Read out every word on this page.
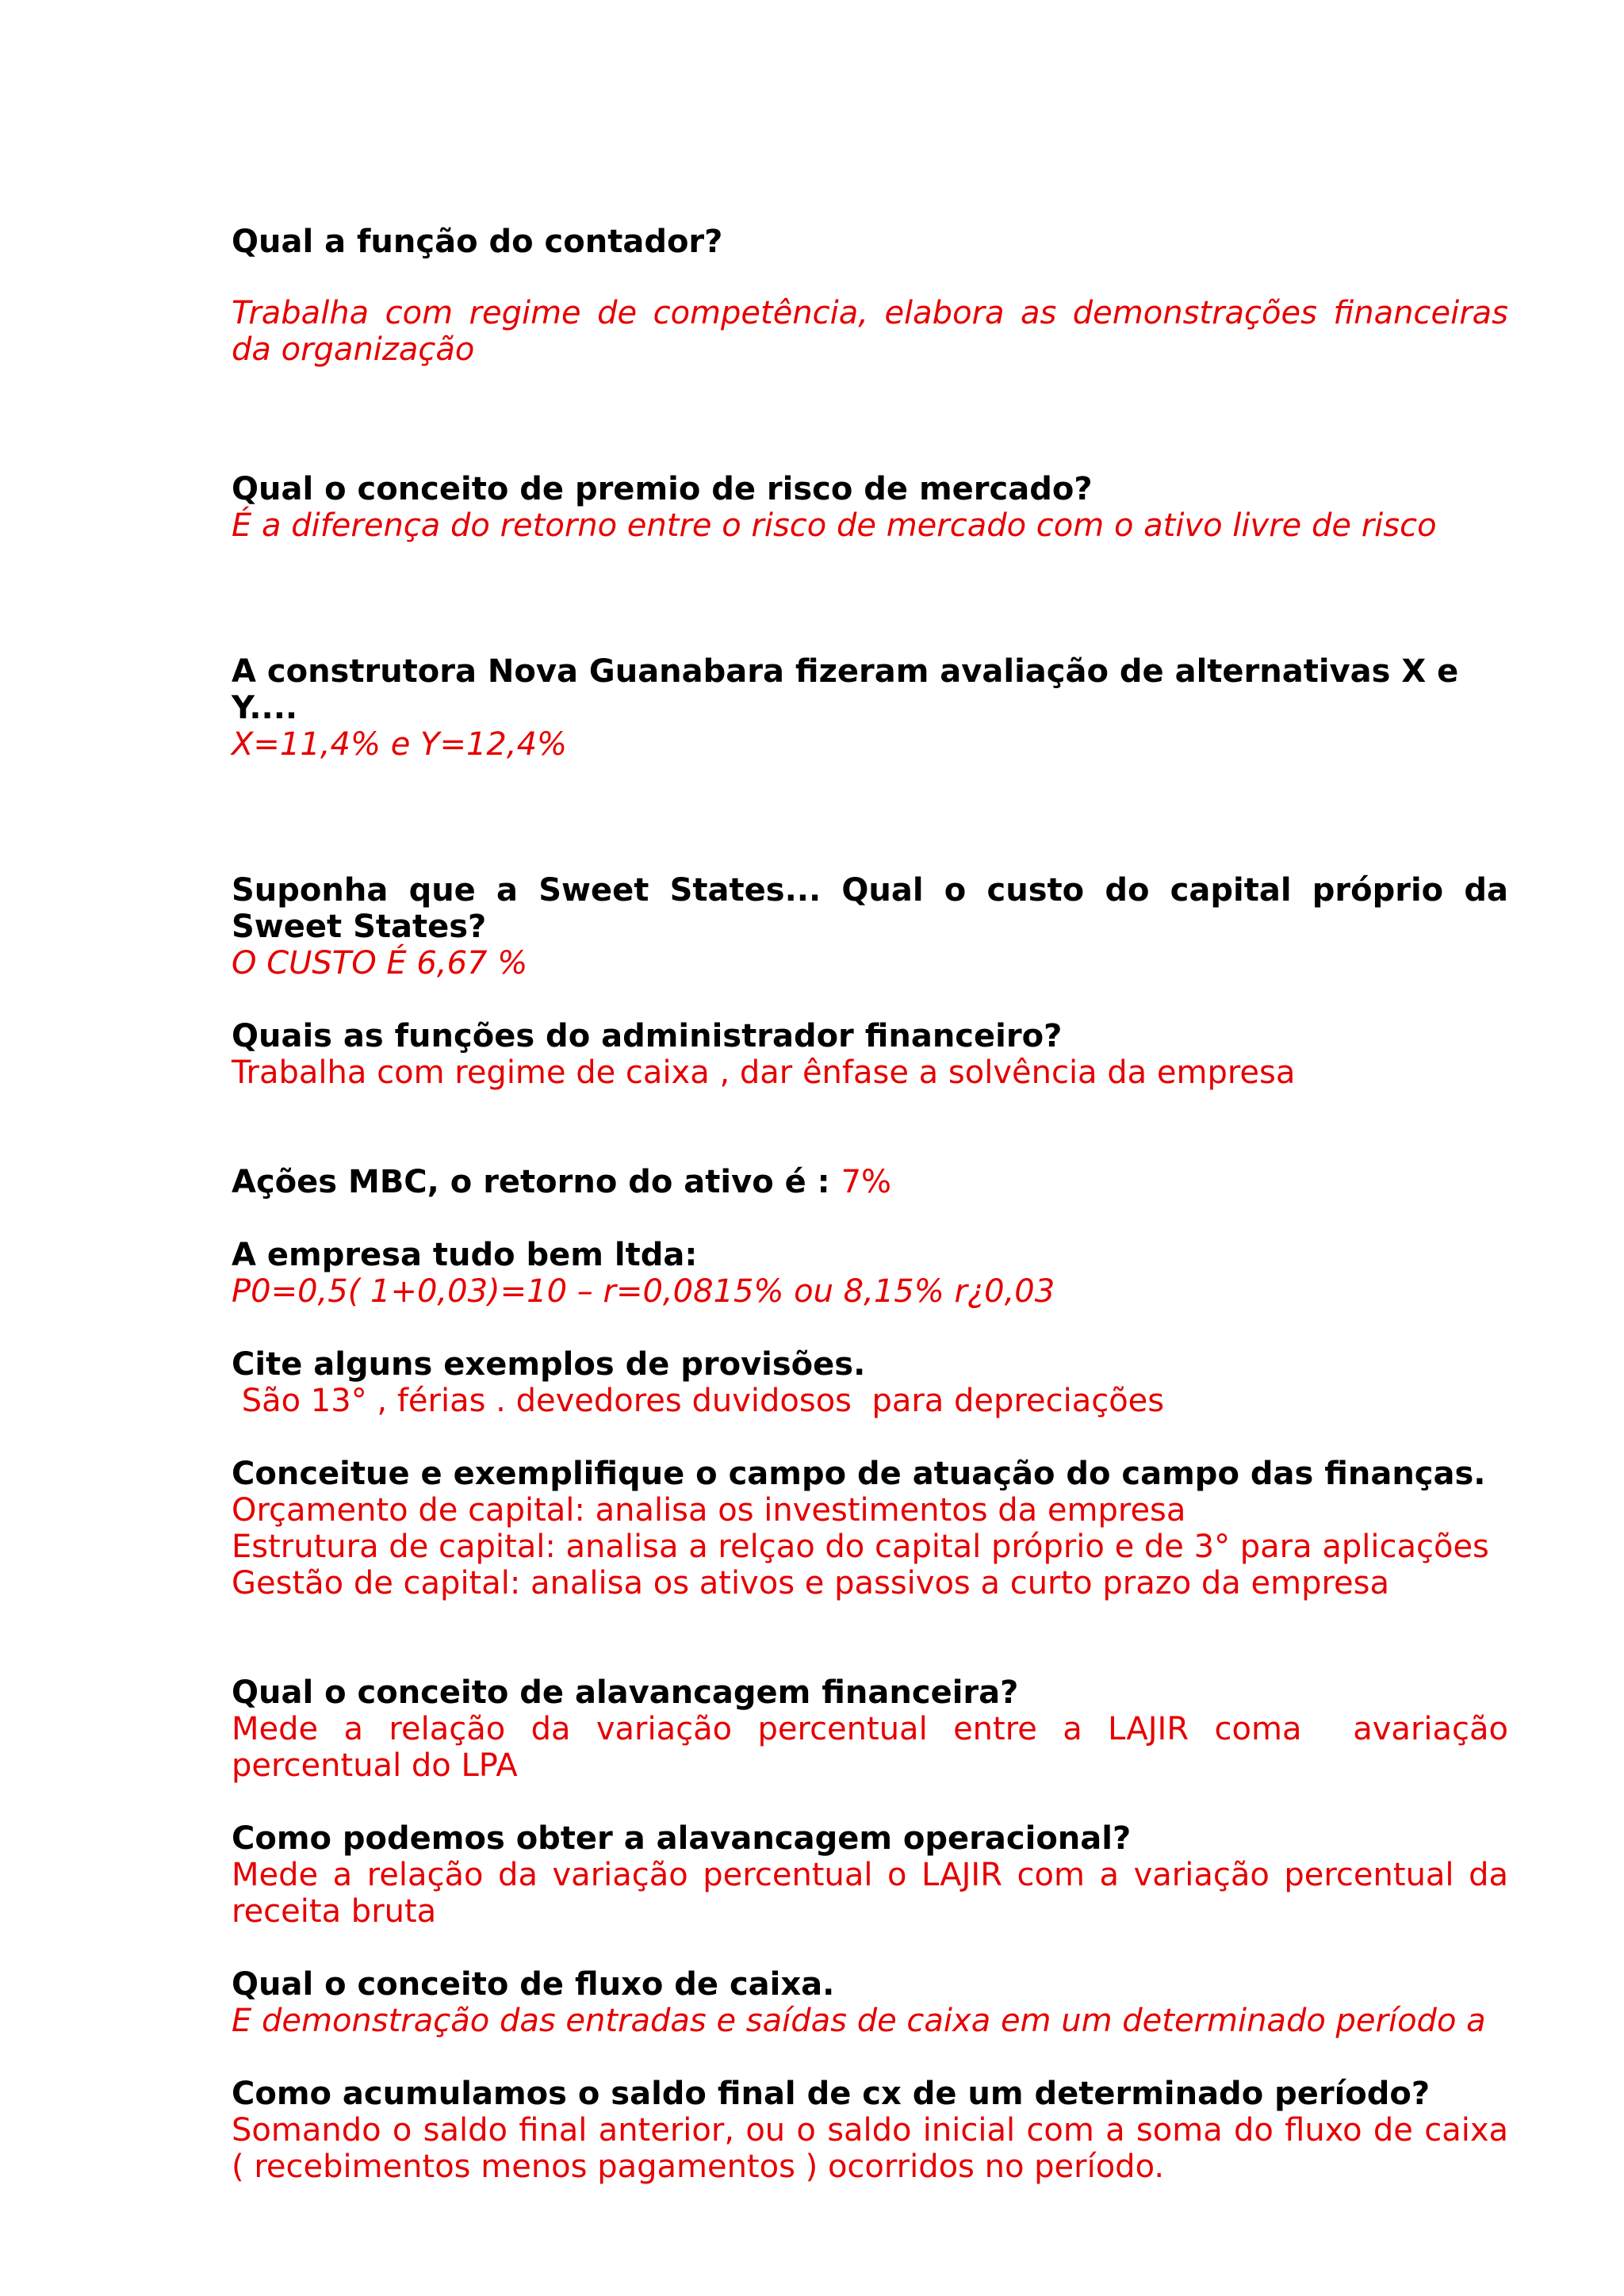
Qual a função do contador?

Trabalha com regime de competência, elabora as demonstrações financeiras da organização

Qual o conceito de premio de risco de mercado?

É a diferença do retorno entre o risco de mercado com o ativo livre de risco

A construtora Nova Guanabara fizeram avaliação de alternativas X e Y....

X=11,4% e Y=12,4%

Suponha que a Sweet States... Qual o custo do capital próprio da Sweet States?

O CUSTO É 6,67 %

Quais as funções do administrador financeiro?

Trabalha com regime de caixa , dar ênfase a solvência da empresa

Ações MBC, o retorno do ativo é : 7%

A empresa tudo bem ltda:

P0=0,5( 1+0,03)=10 – r=0,0815% ou 8,15% r¿0,03

Cite alguns exemplos de provisões.

São 13° , férias . devedores duvidosos  para depreciações

Conceitue e exemplifique o campo de atuação do campo das finanças.

Orçamento de capital: analisa os investimentos da empresa

Estrutura de capital: analisa a relçao do capital próprio e de 3° para aplicações

Gestão de capital: analisa os ativos e passivos a curto prazo da empresa

Qual o conceito de alavancagem financeira?

Mede a relação da variação percentual entre a LAJIR coma  avariação percentual do LPA

Como podemos obter a alavancagem operacional?

Mede a relação da variação percentual o LAJIR com a variação percentual da receita bruta

Qual o conceito de fluxo de caixa.

E demonstração das entradas e saídas de caixa em um determinado período a

Como acumulamos o saldo final de cx de um determinado período?

Somando o saldo final anterior, ou o saldo inicial com a soma do fluxo de caixa ( recebimentos menos pagamentos ) ocorridos no período.
